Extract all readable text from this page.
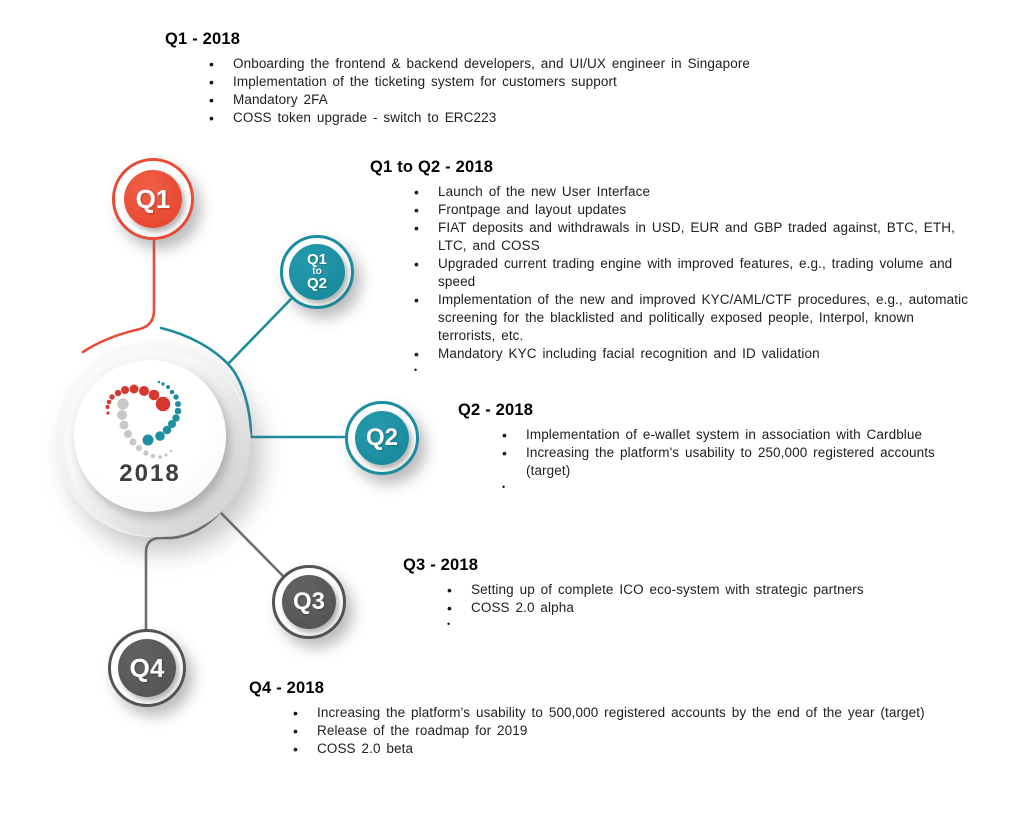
2018
Q1
Q1
to
Q2
Q2
Q3
Q4
Q1 - 2018
• Onboarding the frontend & backend developers, and UI/UX engineer in Singapore
• Implementation of the ticketing system for customers support
• Mandatory 2FA
• COSS token upgrade - switch to ERC223
Q1 to Q2 - 2018
• Launch of the new User Interface
• Frontpage and layout updates
• FIAT deposits and withdrawals in USD, EUR and GBP traded against, BTC, ETH, LTC, and COSS
• Upgraded current trading engine with improved features, e.g., trading volume and speed
• Implementation of the new and improved KYC/AML/CTF procedures, e.g., automatic screening for the blacklisted and politically exposed people, Interpol, known terrorists, etc.
• Mandatory KYC including facial recognition and ID validation
•
Q2 - 2018
• Implementation of e-wallet system in association with Cardblue
• Increasing the platform's usability to 250,000 registered accounts (target)
•
Q3 - 2018
• Setting up of complete ICO eco-system with strategic partners
• COSS 2.0 alpha
•
Q4 - 2018
• Increasing the platform's usability to 500,000 registered accounts by the end of the year (target)
• Release of the roadmap for 2019
• COSS 2.0 beta
